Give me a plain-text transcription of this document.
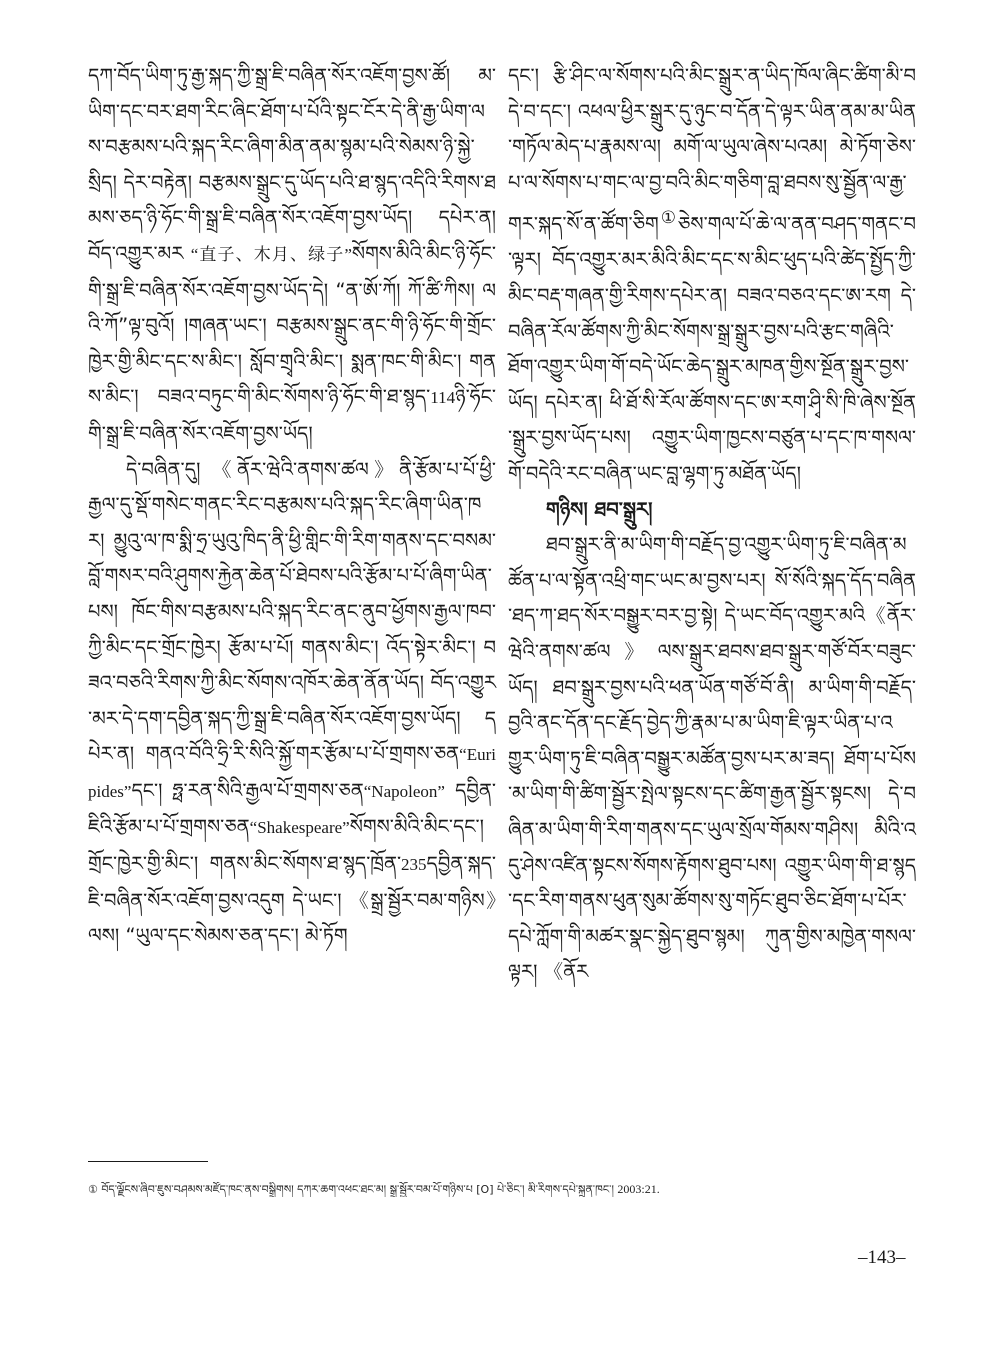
དཀ་བོད་ཡིག་ཏུ་རྒྱ་སྐད་ཀྱི་སྒྲ་ཇི་བཞིན་སོར་འཇོག་བྱས་ཚོ། མ་ཡིག་དང་བར་ཐག་རིང་ཞིང་ཐོག་པ་པོའི་སྟང་ངོར་དེ་ནི་རྒྱ་ཡིག་ལས་བརྩམས་པའི་སྐད་རིང་ཞིག་མིན་ནམ་སྙམ་པའི་སེམས་ཉི་སྐྱེ་སྲིད། དེར་བརྟེན། བརྩམས་སྒྲུང་དུ་ཡོད་པའི་ཐ་སྙད་འདིའི་རིགས་ཐམས་ཅད་ཉི་ཧོང་གི་སྒྲ་ཇི་བཞིན་སོར་འཇོག་བྱས་ཡོད། དཔེར་ན། བོད་འགྱུར་མར “直子、木月、绿子”སོགས་མིའི་མིང་ཉི་ཧོང་གི་སྒྲ་ཇི་བཞིན་སོར་འཇོག་བྱས་ཡོད་དེ། “ན་ཨོ་ཀོ། ཀོ་ཚི་ཀིས། ལའི་ཀོ”ལྟ་བུའོ། །གཞན་ཡང་། བརྩམས་སྒྲུང་ནང་གི་ཉི་ཧོང་གི་གྲོང་ཁྱེར་གྱི་མིང་དང་ས་མིང་། སློབ་གྲྭའི་མིང་། སྨན་ཁང་གི་མིང་། གནས་མིང་། བཟའ་བཏུང་གི་མིང་སོགས་ཉི་ཧོང་གི་ཐ་སྙད་114ཉི་ཧོང་གི་སྒྲ་ཇི་བཞིན་སོར་འཇོག་བྱས་ཡོད།

དེ་བཞིན་དུ། 《ནོར་ཝེའི་ནགས་ཚལ》ནི་རྩོམ་པ་པོ་ཕྱི་རྒྱལ་དུ་སྡོ་གསེང་གནང་རིང་བརྩམས་པའི་སྐད་རིང་ཞིག་ཡིན་ཁར། མྱུའུ་ལ་ཁ་སྨི་ཧྲ་ཡུའུ་ཁིད་ནི་ཕྱི་གླིང་གི་རིག་གནས་དང་བསམ་བློ་གསར་བའི་ཤུགས་རྐྱེན་ཆེན་པོ་ཐེབས་པའི་རྩོམ་པ་པོ་ཞིག་ཡིན་པས། ཁོང་གིས་བརྩམས་པའི་སྐད་རིང་ནང་ནུབ་ཕྱོགས་རྒྱལ་ཁབ་ཀྱི་མིང་དང་གྲོང་ཁྱེར། རྩོམ་པ་པོ། གནས་མིང་། འོད་སྟེར་མིང་། བཟའ་བཅའི་རིགས་ཀྱི་མིང་སོགས་འཁོར་ཆེན་ནོན་ཡོད། བོད་འགྱུར་མར་དེ་དག་དབྱིན་སྐད་ཀྱི་སྒྲ་ཇི་བཞིན་སོར་འཇོག་བྱས་ཡོད། དཔེར་ན། གནའ་བོའི་ཧྲི་རི་སིའི་སྐྱོ་གར་རྩོམ་པ་པོ་གྲགས་ཅན“Euripides”དང་། ཧྥ་རན་སིའི་རྒྱལ་པོ་གྲགས་ཅན“Napoleon” དབྱིན་ཇིའི་རྩོམ་པ་པོ་གྲགས་ཅན“Shakespeare”སོགས་མིའི་མིང་དང་། གྲོང་ཁྱེར་གྱི་མིང་། གནས་མིང་སོགས་ཐ་སྙད་ཁྲོན་235དབྱིན་སྐད་ཇི་བཞིན་སོར་འཇོག་བྱས་འདུག དེ་ཡང་། 《སྒྲ་སྦྱོར་བམ་གཉིས》ལས། “ཡུལ་དང་སེམས་ཅན་དང་། མེ་ཏོག

དང་། རྩི་ཤིང་ལ་སོགས་པའི་མིང་སྒྲུར་ན་ཡིད་ཁོལ་ཞིང་ཚིག་མི་བདེ་བ་དང་། འཕལ་ཕྱིར་སྒྲུར་དུ་ཉུང་བ་དོན་དེ་ལྟར་ཡིན་ནམ་མ་ཡིན་གཏོལ་མེད་པ་རྣམས་ལ། མགོ་ལ་ཡུལ་ཞེས་པའམ། མེ་ཏོག་ཅེས་པ་ལ་སོགས་པ་གང་ལ་བྱ་བའི་མིང་གཅིག་བླ་ཐབས་སུ་སྦྱོན་ལ་རྒྱ་གར་སྐད་སོ་ན་ཚོག་ཅིག①ཅེས་གལ་པོ་ཆེ་ལ་ནན་བཤད་གནང་བ་ལྟར། བོད་འགྱུར་མར་མིའི་མིང་དང་ས་མིང་ཕུད་པའི་ཚེད་སྤྱོད་ཀྱི་མིང་བརྡ་གཞན་གྱི་རིགས་དཔེར་ན། བཟའ་བཅའ་དང་ཨ་རག དེ་བཞིན་རོལ་ཚོགས་ཀྱི་མིང་སོགས་སྒྲ་སྒྲུར་བྱས་པའི་རྩང་གཞིའི་ཐོག་འགྱུར་ཡིག་གོ་བདེ་ཡོང་ཆེད་སྒྲུར་མཁན་གྱིས་སྔོན་སྒྲུར་བྱས་ཡོད། དཔེར་ན། ཕི་ཐོ་སི་རོལ་ཚོགས་དང་ཨ་རག་ཤྭི་སི་ཁི་ཞེས་སྔོན་སྒྲུར་བྱས་ཡོད་པས། འགྱུར་ཡིག་ཁྱངས་བཙུན་པ་དང་ཁ་གསལ་གོ་བདེའི་རང་བཞིན་ཡང་བླ་ལྷག་ཏུ་མཐོན་ཡོད།

གཉིས། ཐབ་སྒྲུར།

ཐབ་སྒྲུར་ནི་མ་ཡིག་གི་བརྗོད་བྱ་འགྱུར་ཡིག་ཏུ་ཇི་བཞིན་མཚོན་པ་ལ་སྟོན་འཕྲི་གང་ཡང་མ་བྱས་པར། སོ་སོའི་སྐད་དོད་བཞིན་ཐད་ཀ་ཐད་སོར་བསྒྱུར་བར་བྱ་སྟེ། དེ་ཡང་བོད་འགྱུར་མའི《ནོར་ཝེའི་ནགས་ཚལ》ལས་སྒྲུར་ཐབས་ཐབ་སྒྲུར་གཙོ་བོར་བཟུང་ཡོད། ཐབ་སྒྲུར་བྱས་པའི་ཕན་ཡོན་གཙོ་བོ་ནི། མ་ཡིག་གི་བརྗོད་བྱའི་ནང་དོན་དང་རྗོད་བྱེད་ཀྱི་རྣམ་པ་མ་ཡིག་ཇི་ལྟར་ཡིན་པ་འགྱུར་ཡིག་ཏུ་ཇི་བཞིན་བསྒྱུར་མཚོན་བྱས་པར་མ་ཟད། ཐོག་པ་པོས་མ་ཡིག་གི་ཚིག་སྦྱོར་སྤེལ་སྟངས་དང་ཚིག་རྒྱན་སྦྱོར་སྟངས། དེ་བཞིན་མ་ཡིག་གི་རིག་གནས་དང་ཡུལ་སྲོལ་གོམས་གཤིས། མིའི་འདུ་ཤེས་འཛིན་སྟངས་སོགས་རྟོགས་ཐུབ་པས། འགྱུར་ཡིག་གི་ཐ་སྙད་དང་རིག་གནས་ཕུན་སུམ་ཚོགས་སུ་གཏོང་ཐུབ་ཅིང་ཐོག་པ་པོར་དཔེ་ཀློག་གི་མཚར་སྣང་སྐྱེད་ཐུབ་སྙམ། ཀུན་གྱིས་མཁྱེན་གསལ་ལྟར། 《ནོར

① བོད་ལྗོངས་ཞིབ་ཇུས་བཤམས་མཛོད་ཁང་ནས་བསྒྲིགས། དཀར་ཆག་འཕང་ཐང་མ། སྒྲ་སྦྱོར་བམ་པོ་གཉིས་པ [O] པེ་ཅིང་། མི་རིགས་དཔེ་སྐྲུན་ཁང་། 2003:21.
–143–
